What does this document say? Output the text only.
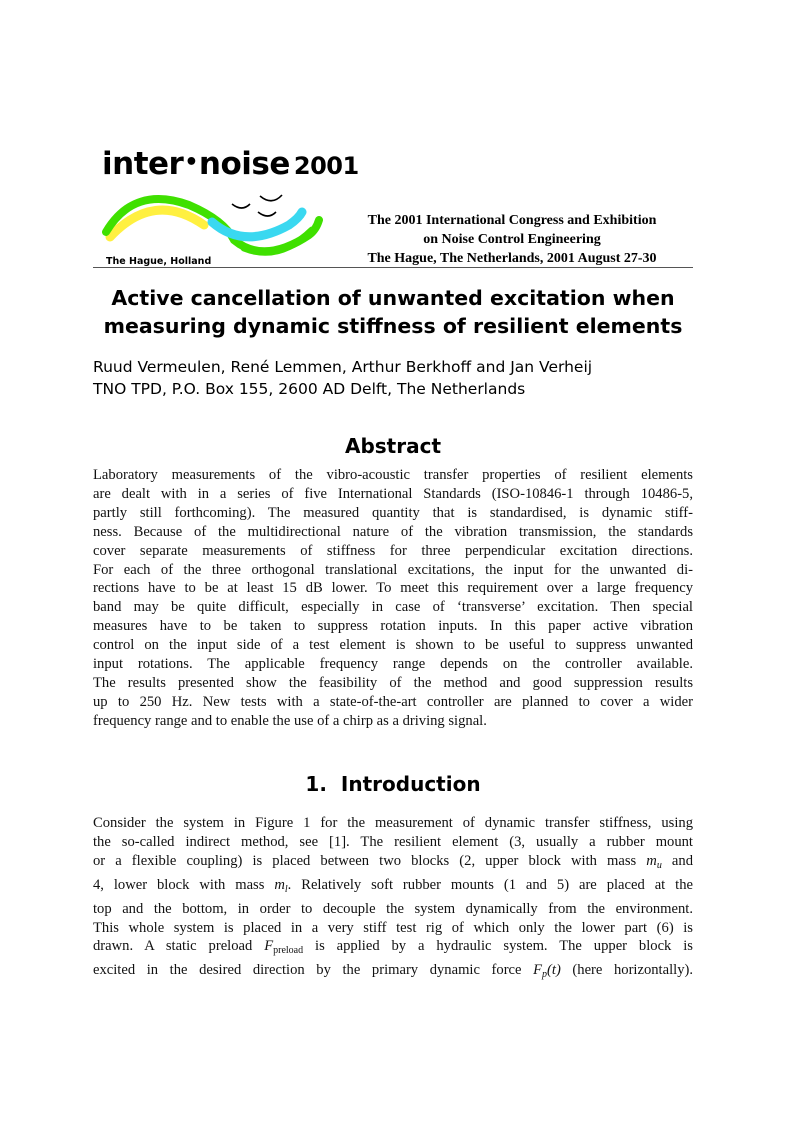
inter•noise 2001
The Hague, Holland
The 2001 International Congress and Exhibition
on Noise Control Engineering
The Hague, The Netherlands, 2001 August 27-30
Active cancellation of unwanted excitation when
measuring dynamic stiffness of resilient elements
Ruud Vermeulen, René Lemmen, Arthur Berkhoff and Jan Verheij
TNO TPD, P.O. Box 155, 2600 AD Delft, The Netherlands
Abstract
Laboratory measurements of the vibro-acoustic transfer properties of resilient elements
are dealt with in a series of five International Standards (ISO-10846-1 through 10486-5,
partly still forthcoming). The measured quantity that is standardised, is dynamic stiff-
ness. Because of the multidirectional nature of the vibration transmission, the standards
cover separate measurements of stiffness for three perpendicular excitation directions.
For each of the three orthogonal translational excitations, the input for the unwanted di-
rections have to be at least 15 dB lower. To meet this requirement over a large frequency
band may be quite difficult, especially in case of ‘transverse’ excitation. Then special
measures have to be taken to suppress rotation inputs. In this paper active vibration
control on the input side of a test element is shown to be useful to suppress unwanted
input rotations. The applicable frequency range depends on the controller available.
The results presented show the feasibility of the method and good suppression results
up to 250 Hz. New tests with a state-of-the-art controller are planned to cover a wider
frequency range and to enable the use of a chirp as a driving signal.
1. Introduction
Consider the system in Figure 1 for the measurement of dynamic transfer stiffness, using
the so-called indirect method, see [1]. The resilient element (3, usually a rubber mount
or a flexible coupling) is placed between two blocks (2, upper block with mass $m_u$ and
4, lower block with mass $m_l$. Relatively soft rubber mounts (1 and 5) are placed at the
top and the bottom, in order to decouple the system dynamically from the environment.
This whole system is placed in a very stiff test rig of which only the lower part (6) is
drawn. A static preload $F_{preload}$ is applied by a hydraulic system. The upper block is
excited in the desired direction by the primary dynamic force $F_p(t)$ (here horizontally).
